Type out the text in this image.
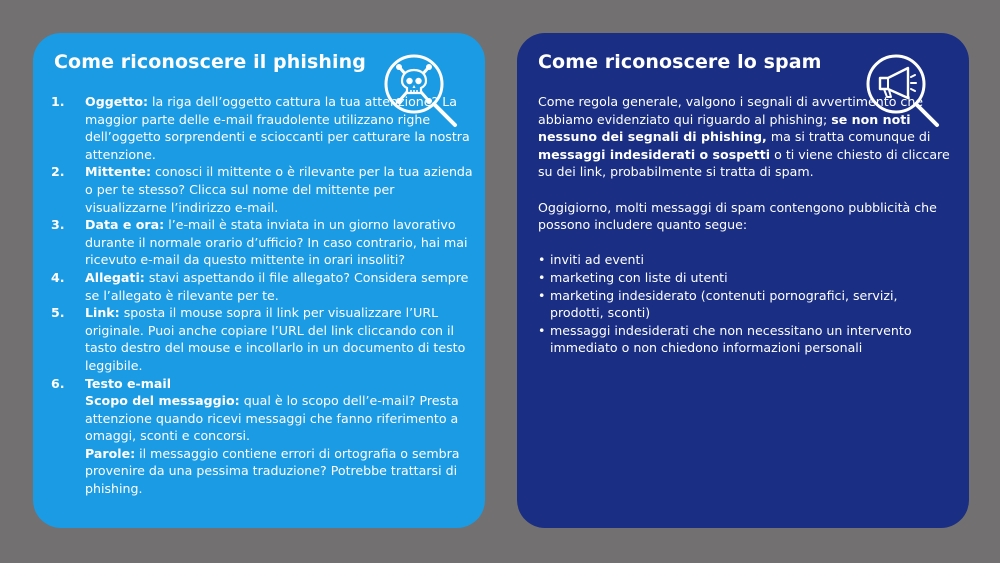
Come riconoscere il phishing
1. Oggetto: la riga dell’oggetto cattura la tua attenzione? La maggior parte delle e-mail fraudolente utilizzano righe dell’oggetto sorprendenti e scioccanti per catturare la nostra attenzione.
2. Mittente: conosci il mittente o è rilevante per la tua azienda o per te stesso? Clicca sul nome del mittente per visualizzarne l’indirizzo e-mail.
3. Data e ora: l’e-mail è stata inviata in un giorno lavorativo durante il normale orario d’ufficio? In caso contrario, hai mai ricevuto e-mail da questo mittente in orari insoliti?
4. Allegati: stavi aspettando il file allegato? Considera sempre se l’allegato è rilevante per te.
5. Link: sposta il mouse sopra il link per visualizzare l’URL originale. Puoi anche copiare l’URL del link cliccando con il tasto destro del mouse e incollarlo in un documento di testo leggibile.
6. Testo e-mail

Scopo del messaggio: qual è lo scopo dell’e-mail? Presta attenzione quando ricevi messaggi che fanno riferimento a omaggi, sconti e concorsi.

Parole: il messaggio contiene errori di ortografia o sembra provenire da una pessima traduzione? Potrebbe trattarsi di phishing.

Come riconoscere lo spam

Come regola generale, valgono i segnali di avvertimento che abbiamo evidenziato qui riguardo al phishing; se non noti nessuno dei segnali di phishing, ma si tratta comunque di messaggi indesiderati o sospetti o ti viene chiesto di cliccare su dei link, probabilmente si tratta di spam.

Oggigiorno, molti messaggi di spam contengono pubblicità che possono includere quanto segue:

• inviti ad eventi
• marketing con liste di utenti
• marketing indesiderato (contenuti pornografici, servizi, prodotti, sconti)
• messaggi indesiderati che non necessitano un intervento immediato o non chiedono informazioni personali
